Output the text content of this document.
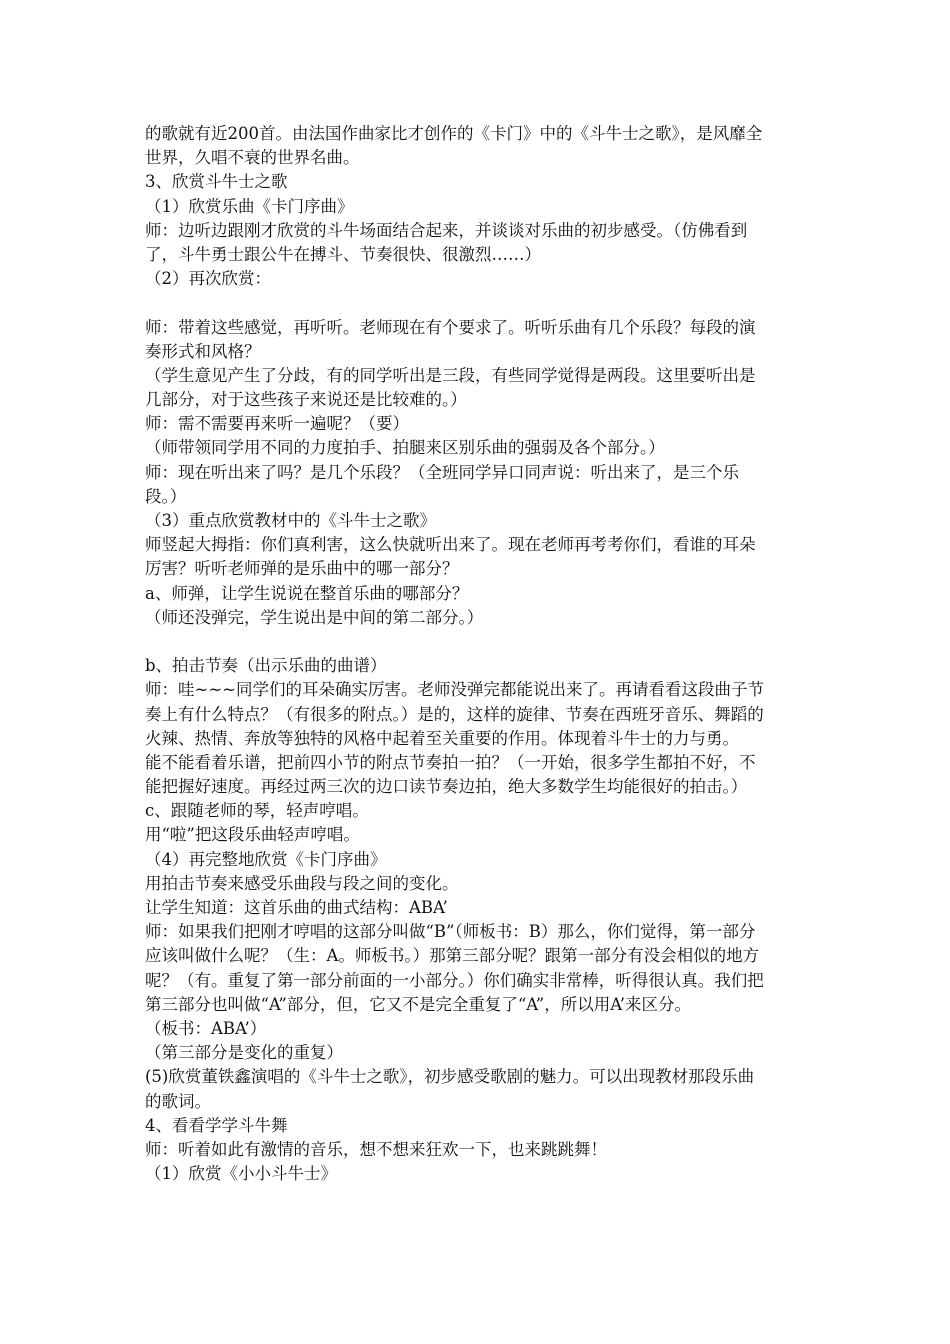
的歌就有近200首。由法国作曲家比才创作的《卡门》中的《斗牛士之歌》，是风靡全
世界，久唱不衰的世界名曲。
3、欣赏斗牛士之歌
（1）欣赏乐曲《卡门序曲》
师：边听边跟刚才欣赏的斗牛场面结合起来，并谈谈对乐曲的初步感受。（仿佛看到
了，斗牛勇士跟公牛在搏斗、节奏很快、很激烈……）
（2）再次欣赏：
师：带着这些感觉，再听听。老师现在有个要求了。听听乐曲有几个乐段？每段的演
奏形式和风格？
（学生意见产生了分歧，有的同学听出是三段，有些同学觉得是两段。这里要听出是
几部分，对于这些孩子来说还是比较难的。）
师：需不需要再来听一遍呢？（要）
（师带领同学用不同的力度拍手、拍腿来区别乐曲的强弱及各个部分。）
师：现在听出来了吗？是几个乐段？（全班同学异口同声说：听出来了，是三个乐
段。）
（3）重点欣赏教材中的《斗牛士之歌》
师竖起大拇指：你们真利害，这么快就听出来了。现在老师再考考你们，看谁的耳朵
厉害？听听老师弹的是乐曲中的哪一部分？
a、师弹，让学生说说在整首乐曲的哪部分？
（师还没弹完，学生说出是中间的第二部分。）
b、拍击节奏（出示乐曲的曲谱）
师：哇~~~同学们的耳朵确实厉害。老师没弹完都能说出来了。再请看看这段曲子节
奏上有什么特点？（有很多的附点。）是的，这样的旋律、节奏在西班牙音乐、舞蹈的
火辣、热情、奔放等独特的风格中起着至关重要的作用。体现着斗牛士的力与勇。
能不能看着乐谱，把前四小节的附点节奏拍一拍？（一开始，很多学生都拍不好，不
能把握好速度。再经过两三次的边口读节奏边拍，绝大多数学生均能很好的拍击。）
c、跟随老师的琴，轻声哼唱。
用“啦”把这段乐曲轻声哼唱。
（4）再完整地欣赏《卡门序曲》
用拍击节奏来感受乐曲段与段之间的变化。
让学生知道：这首乐曲的曲式结构：ABA’
师：如果我们把刚才哼唱的这部分叫做“B”（师板书：B）那么，你们觉得，第一部分
应该叫做什么呢？（生：A。师板书。）那第三部分呢？跟第一部分有没会相似的地方
呢？（有。重复了第一部分前面的一小部分。）你们确实非常棒，听得很认真。我们把
第三部分也叫做“A”部分，但，它又不是完全重复了“A”，所以用A’来区分。
（板书：ABA’）
（第三部分是变化的重复）
(5)欣赏董铁鑫演唱的《斗牛士之歌》，初步感受歌剧的魅力。可以出现教材那段乐曲
的歌词。
4、看看学学斗牛舞
师：听着如此有激情的音乐，想不想来狂欢一下，也来跳跳舞！
（1）欣赏《小小斗牛士》
